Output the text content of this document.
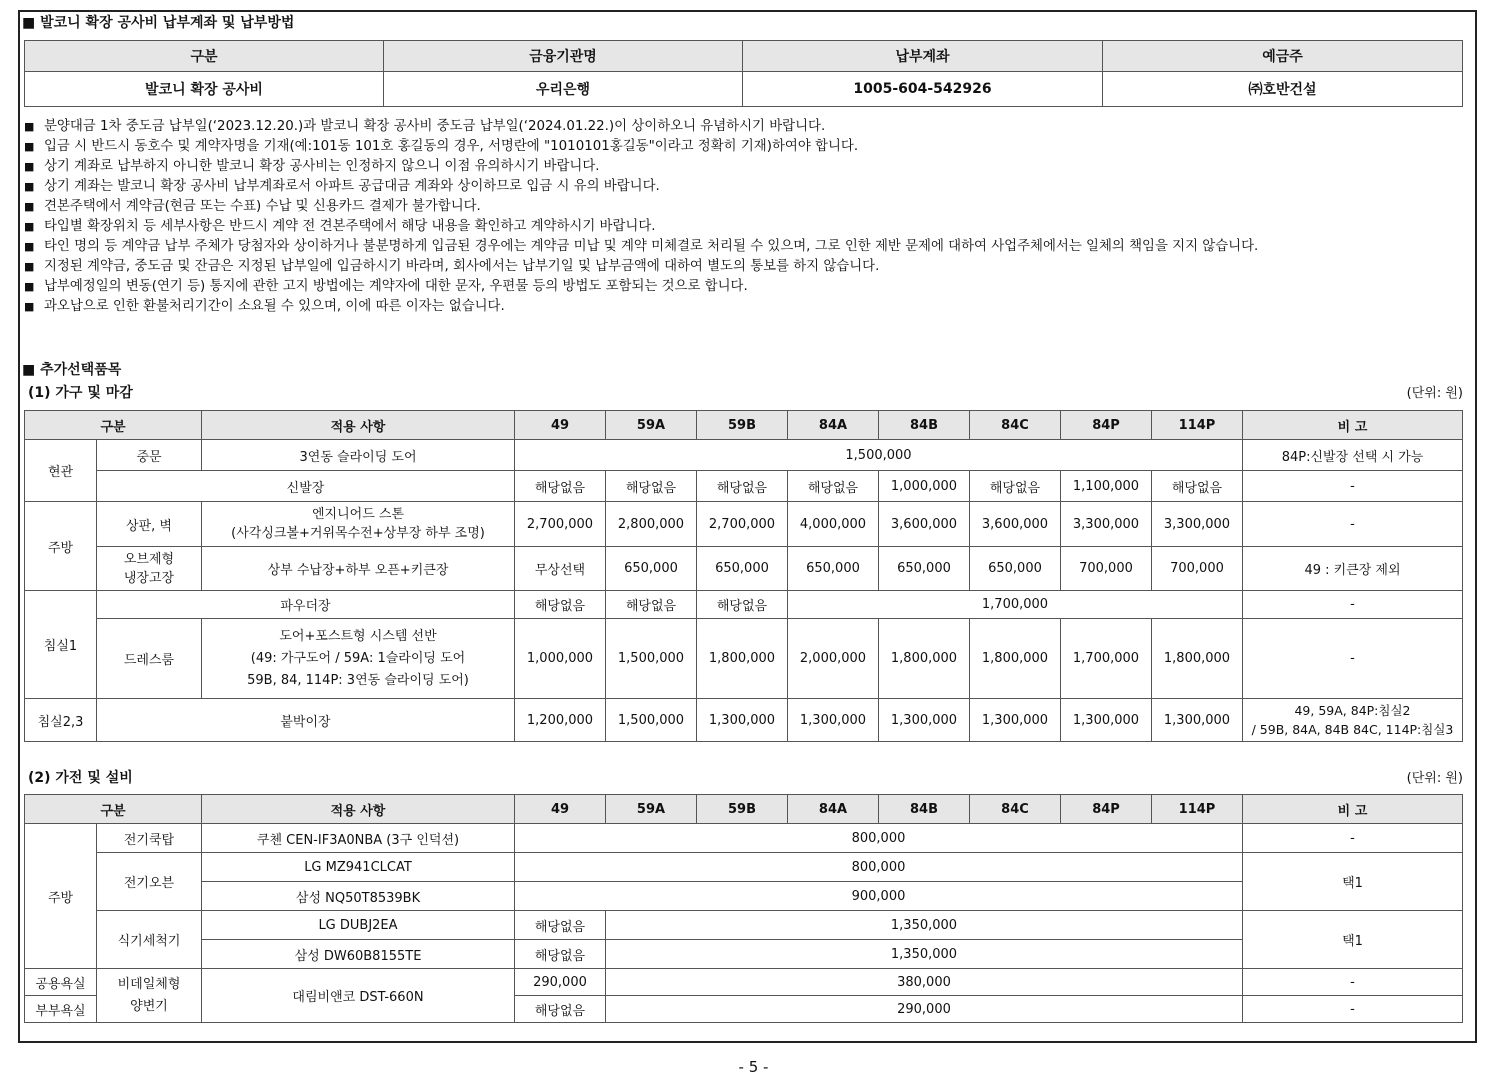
■ 발코니 확장 공사비 납부계좌 및 납부방법
구분	금융기관명	납부계좌	예금주
발코니 확장 공사비	우리은행	1005-604-542926	㈜호반건설
■ 분양대금 1차 중도금 납부일(‘2023.12.20.)과 발코니 확장 공사비 중도금 납부일(‘2024.01.22.)이 상이하오니 유념하시기 바랍니다.
■ 입금 시 반드시 동호수 및 계약자명을 기재(예:101동 101호 홍길동의 경우, 서명란에 "1010101홍길동"이라고 정확히 기재)하여야 합니다.
■ 상기 계좌로 납부하지 아니한 발코니 확장 공사비는 인정하지 않으니 이점 유의하시기 바랍니다.
■ 상기 계좌는 발코니 확장 공사비 납부계좌로서 아파트 공급대금 계좌와 상이하므로 입금 시 유의 바랍니다.
■ 견본주택에서 계약금(현금 또는 수표) 수납 및 신용카드 결제가 불가합니다.
■ 타입별 확장위치 등 세부사항은 반드시 계약 전 견본주택에서 해당 내용을 확인하고 계약하시기 바랍니다.
■ 타인 명의 등 계약금 납부 주체가 당첨자와 상이하거나 불분명하게 입금된 경우에는 계약금 미납 및 계약 미체결로 처리될 수 있으며, 그로 인한 제반 문제에 대하여 사업주체에서는 일체의 책임을 지지 않습니다.
■ 지정된 계약금, 중도금 및 잔금은 지정된 납부일에 입금하시기 바라며, 회사에서는 납부기일 및 납부금액에 대하여 별도의 통보를 하지 않습니다.
■ 납부예정일의 변동(연기 등) 통지에 관한 고지 방법에는 계약자에 대한 문자, 우편물 등의 방법도 포함되는 것으로 합니다.
■ 과오납으로 인한 환불처리기간이 소요될 수 있으며, 이에 따른 이자는 없습니다.
■ 추가선택품목
(1) 가구 및 마감	(단위: 원)
구분		적용 사항	49	59A	59B	84A	84B	84C	84P	114P	비 고
현관	중문	3연동 슬라이딩 도어	1,500,000								84P:신발장 선택 시 가능
	신발장		해당없음	해당없음	해당없음	해당없음	1,000,000	해당없음	1,100,000	해당없음	-
주방	상판, 벽	엔지니어드 스톤
(사각싱크볼+거위목수전+상부장 하부 조명)	2,700,000	2,800,000	2,700,000	4,000,000	3,600,000	3,600,000	3,300,000	3,300,000	-

	오브제형
냉장고장	상부 수납장+하부 오픈+키큰장	무상선택	650,000	650,000	650,000	650,000	650,000	700,000	700,000	49 : 키큰장 제외
침실1	파우더장		해당없음	해당없음	해당없음	1,700,000					-
	드레스룸	도어+포스트형 시스템 선반
(49: 가구도어 / 59A: 1슬라이딩 도어
59B, 84, 114P: 3연동 슬라이딩 도어)	1,000,000	1,500,000	1,800,000	2,000,000	1,800,000	1,800,000	1,700,000	1,800,000	-
침실2,3	붙박이장		1,200,000	1,500,000	1,300,000	1,300,000	1,300,000	1,300,000	1,300,000	1,300,000	49, 59A, 84P:침실2
/ 59B, 84A, 84B 84C, 114P:침실3
(2) 가전 및 설비	(단위: 원)
구분		적용 사항	49	59A	59B	84A	84B	84C	84P	114P	비 고
주방	전기쿡탑	쿠첸 CEN-IF3A0NBA (3구 인덕션)	800,000								-
	전기오븐	LG MZ941CLCAT	800,000								택1
		삼성 NQ50T8539BK	900,000								
	식기세척기	LG DUBJ2EA	해당없음	1,350,000							택1
		삼성 DW60B8155TE	해당없음	1,350,000							
공용욕실	비데일체형
양변기	대림비앤코 DST-660N	290,000	380,000							-
부부욕실			해당없음	290,000							-
- 5 -
